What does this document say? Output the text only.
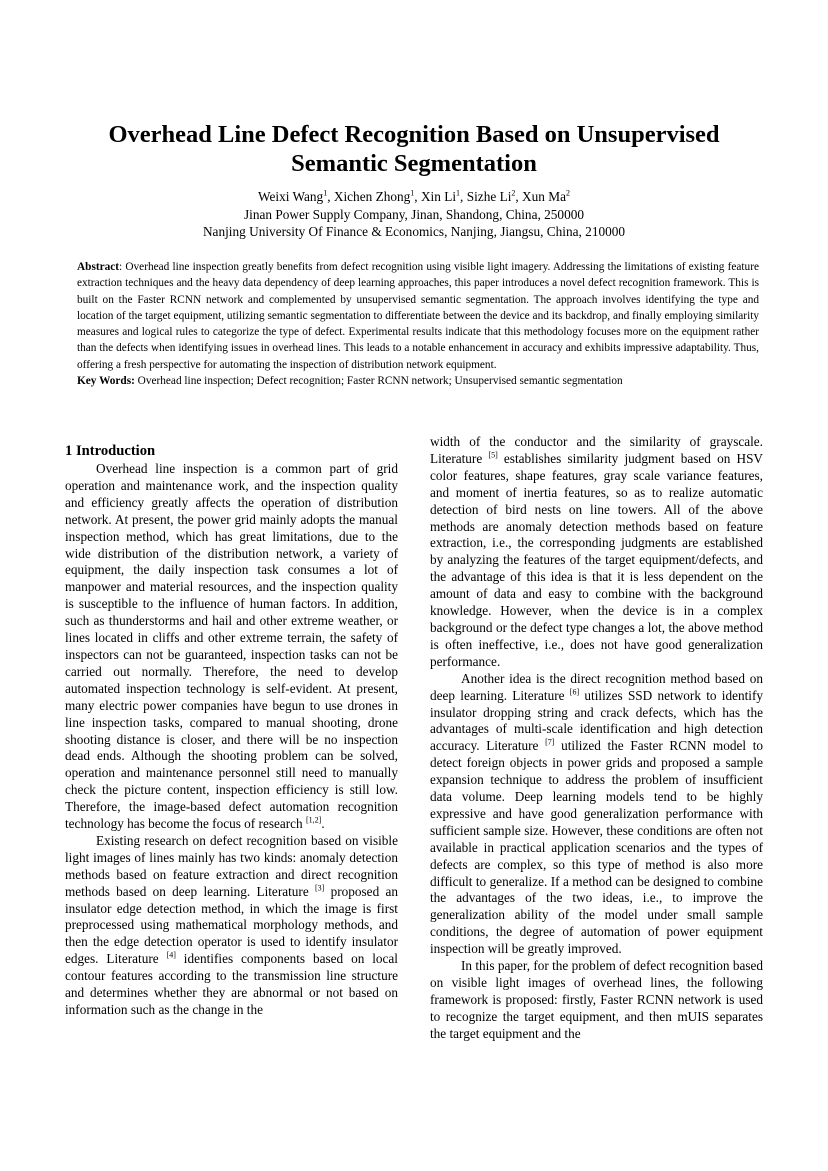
Overhead Line Defect Recognition Based on Unsupervised
Semantic Segmentation
Weixi Wang$^1$, Xichen Zhong$^1$, Xin Li$^1$, Sizhe Li$^2$, Xun Ma$^2$
Jinan Power Supply Company, Jinan, Shandong, China, 250000
Nanjing University Of Finance & Economics, Nanjing, Jiangsu, China, 210000

Abstract: Overhead line inspection greatly benefits from defect recognition using visible light imagery. Addressing the limitations of existing feature extraction techniques and the heavy data dependency of deep learning approaches, this paper introduces a novel defect recognition framework. This is built on the Faster RCNN network and complemented by unsupervised semantic segmentation. The approach involves identifying the type and location of the target equipment, utilizing semantic segmentation to differentiate between the device and its backdrop, and finally employing similarity measures and logical rules to categorize the type of defect. Experimental results indicate that this methodology focuses more on the equipment rather than the defects when identifying issues in overhead lines. This leads to a notable enhancement in accuracy and exhibits impressive adaptability. Thus, offering a fresh perspective for automating the inspection of distribution network equipment.

Key Words: Overhead line inspection; Defect recognition; Faster RCNN network; Unsupervised semantic segmentation

1 Introduction

Overhead line inspection is a common part of grid operation and maintenance work, and the inspection quality and efficiency greatly affects the operation of distribution network. At present, the power grid mainly adopts the manual inspection method, which has great limitations, due to the wide distribution of the distribution network, a variety of equipment, the daily inspection task consumes a lot of manpower and material resources, and the inspection quality is susceptible to the influence of human factors. In addition, such as thunderstorms and hail and other extreme weather, or lines located in cliffs and other extreme terrain, the safety of inspectors can not be guaranteed, inspection tasks can not be carried out normally. Therefore, the need to develop automated inspection technology is self-evident. At present, many electric power companies have begun to use drones in line inspection tasks, compared to manual shooting, drone shooting distance is closer, and there will be no inspection dead ends. Although the shooting problem can be solved, operation and maintenance personnel still need to manually check the picture content, inspection efficiency is still low. Therefore, the image-based defect automation recognition technology has become the focus of research [1,2].

Existing research on defect recognition based on visible light images of lines mainly has two kinds: anomaly detection methods based on feature extraction and direct recognition methods based on deep learning. Literature [3] proposed an insulator edge detection method, in which the image is first preprocessed using mathematical morphology methods, and then the edge detection operator is used to identify insulator edges. Literature [4] identifies components based on local contour features according to the transmission line structure and determines whether they are abnormal or not based on information such as the change in the

width of the conductor and the similarity of grayscale. Literature [5] establishes similarity judgment based on HSV color features, shape features, gray scale variance features, and moment of inertia features, so as to realize automatic detection of bird nests on line towers. All of the above methods are anomaly detection methods based on feature extraction, i.e., the corresponding judgments are established by analyzing the features of the target equipment/defects, and the advantage of this idea is that it is less dependent on the amount of data and easy to combine with the background knowledge. However, when the device is in a complex background or the defect type changes a lot, the above method is often ineffective, i.e., does not have good generalization performance.

Another idea is the direct recognition method based on deep learning. Literature [6] utilizes SSD network to identify insulator dropping string and crack defects, which has the advantages of multi-scale identification and high detection accuracy. Literature [7] utilized the Faster RCNN model to detect foreign objects in power grids and proposed a sample expansion technique to address the problem of insufficient data volume. Deep learning models tend to be highly expressive and have good generalization performance with sufficient sample size. However, these conditions are often not available in practical application scenarios and the types of defects are complex, so this type of method is also more difficult to generalize. If a method can be designed to combine the advantages of the two ideas, i.e., to improve the generalization ability of the model under small sample conditions, the degree of automation of power equipment inspection will be greatly improved.

In this paper, for the problem of defect recognition based on visible light images of overhead lines, the following framework is proposed: firstly, Faster RCNN network is used to recognize the target equipment, and then mUIS separates the target equipment and the
